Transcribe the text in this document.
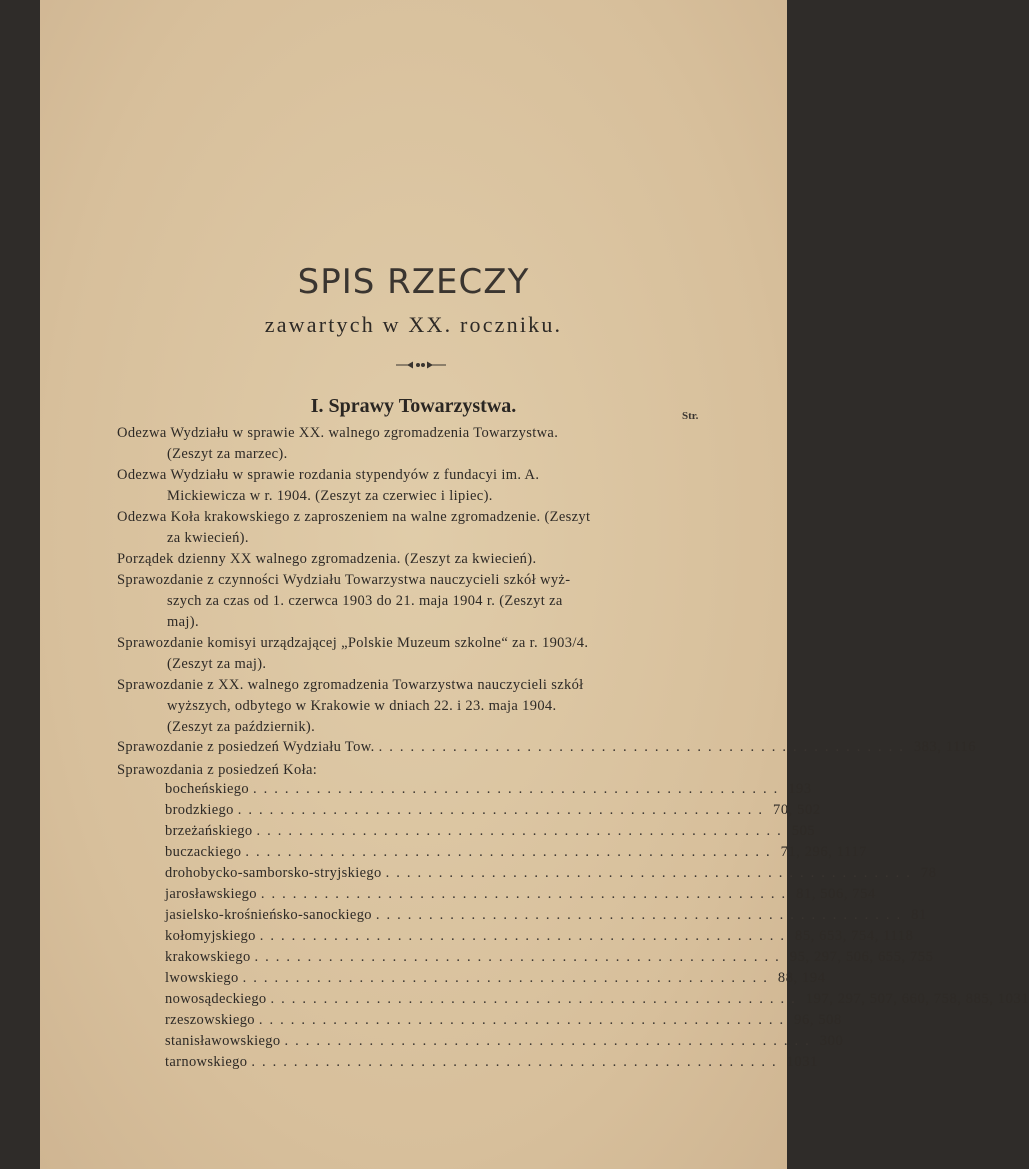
SPIS RZECZY
zawartych w XX. roczniku.
I. Sprawy Towarzystwa.	Str.
Odezwa Wydziału w sprawie XX. walnego zgromadzenia Towarzystwa.
(Zeszyt za marzec).
Odezwa Wydziału w sprawie rozdania stypendyów z fundacyi im. A.
Mickiewicza w r. 1904. (Zeszyt za czerwiec i lipiec).
Odezwa Koła krakowskiego z zaproszeniem na walne zgromadzenie. (Zeszyt
za kwiecień).
Porządek dzienny XX walnego zgromadzenia. (Zeszyt za kwiecień).
Sprawozdanie z czynności Wydziału Towarzystwa nauczycieli szkół wyż-
szych za czas od 1. czerwca 1903 do 21. maja 1904 r. (Zeszyt za
maj).
Sprawozdanie komisyi urządzającej „Polskie Muzeum szkolne“ za r. 1903/4.
(Zeszyt za maj).
Sprawozdanie z XX. walnego zgromadzenia Towarzystwa nauczycieli szkół
wyższych, odbytego w Krakowie w dniach 22. i 23. maja 1904.
(Zeszyt za październik).
Sprawozdanie z posiedzeń Wydziału Tow. .................................................. 383, 1116
Sprawozdania z posiedzeń Koła:
bocheńskiego .................................................. 193
brodzkiego .................................................. 70, 502
brzeżańskiego .................................................. 505
buczackiego .................................................. 71, 296, 1117
drohobycko-samborsko-stryjskiego .................................................. 78
jarosławskiego .................................................. 81, 506, 754
jasielsko-krośnieńsko-sanockiego .................................................. 81
kołomyjskiego .................................................. 85, 653, 754, 1118
krakowskiego .................................................. 95, 297, 506, 655, 755
lwowskiego .................................................. 88, 194
nowosądeckiego .................................................. 197, 297, 507, 660, 758, 885, 1031
rzeszowskiego .................................................. 96, 508
stanisławowskiego .................................................. 300
tarnowskiego .................................................. 1031
